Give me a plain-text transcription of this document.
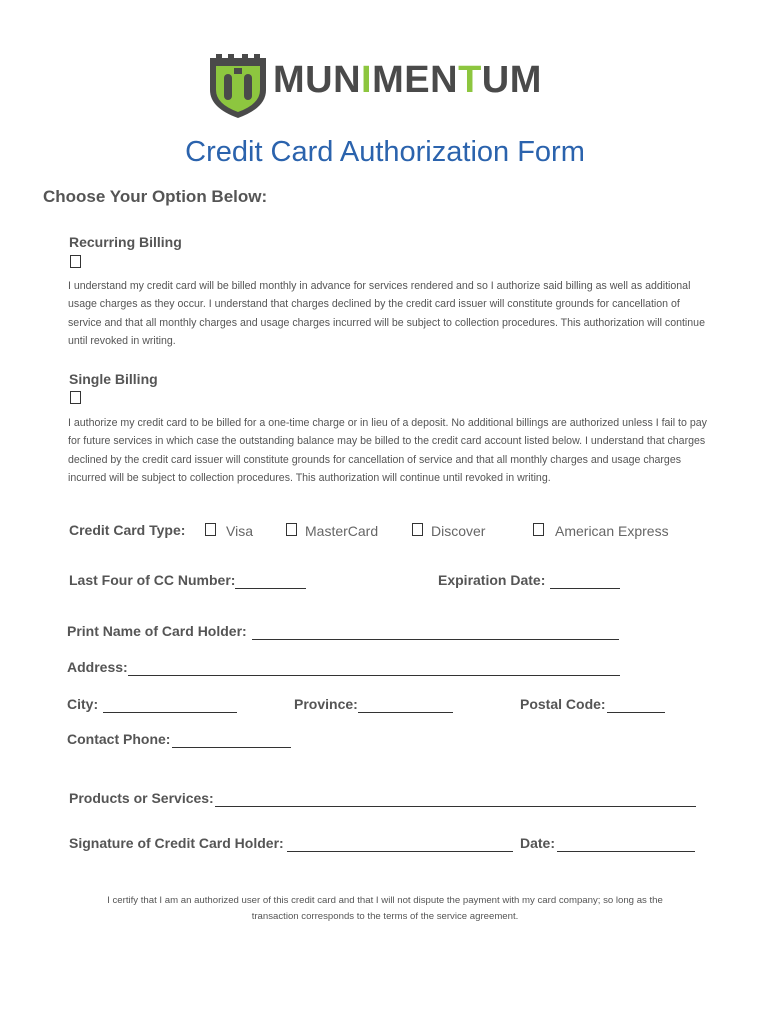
MUNIMENTUM
Credit Card Authorization Form
Choose Your Option Below:
Recurring Billing
I understand my credit card will be billed monthly in advance for services rendered and so I authorize said billing as well as additional usage charges as they occur. I understand that charges declined by the credit card issuer will constitute grounds for cancellation of service and that all monthly charges and usage charges incurred will be subject to collection procedures. This authorization will continue until revoked in writing.
Single Billing
I authorize my credit card to be billed for a one-time charge or in lieu of a deposit. No additional billings are authorized unless I fail to pay for future services in which case the outstanding balance may be billed to the credit card account listed below. I understand that charges declined by the credit card issuer will constitute grounds for cancellation of service and that all monthly charges and usage charges incurred will be subject to collection procedures. This authorization will continue until revoked in writing.
Credit Card Type:	Visa	MasterCard	Discover	American Express
Last Four of CC Number:	Expiration Date:
Print Name of Card Holder:
Address:
City:	Province:	Postal Code:
Contact Phone:
Products or Services:
Signature of Credit Card Holder:	Date:
I certify that I am an authorized user of this credit card and that I will not dispute the payment with my card company; so long as the
transaction corresponds to the terms of the service agreement.
